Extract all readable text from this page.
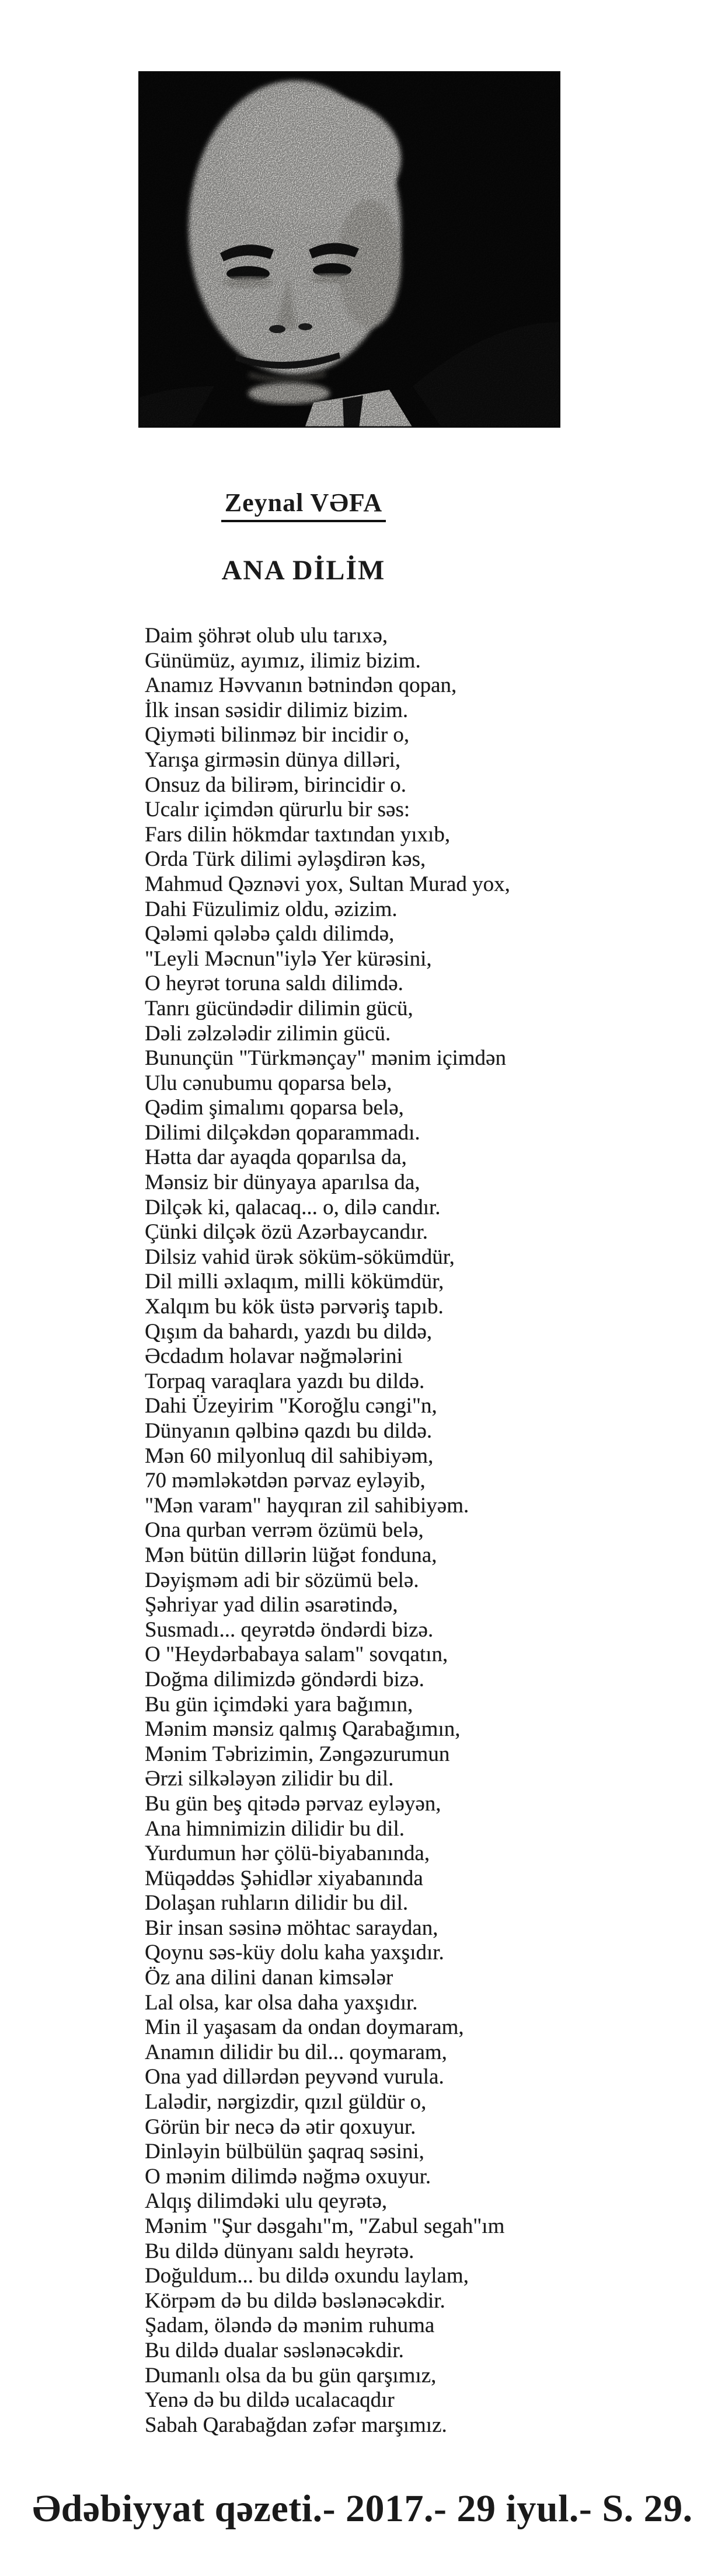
Zeynal VƏFA
ANA DİLİM
Daim şöhrət olub ulu tarıxə,
Günümüz, ayımız, ilimiz bizim.
Anamız Həvvanın bətnindən qopan,
İlk insan səsidir dilimiz bizim.
Qiyməti bilinməz bir incidir o,
Yarışa girməsin dünya dilləri,
Onsuz da bilirəm, birincidir o.
Ucalır içimdən qürurlu bir səs:
Fars dilin hökmdar taxtından yıxıb,
Orda Türk dilimi əyləşdirən kəs,
Mahmud Qəznəvi yox, Sultan Murad yox,
Dahi Füzulimiz oldu, əzizim.
Qələmi qələbə çaldı dilimdə,
"Leyli Məcnun"iylə Yer kürəsini,
O heyrət toruna saldı dilimdə.
Tanrı gücündədir dilimin gücü,
Dəli zəlzələdir zilimin gücü.
Bununçün "Türkmənçay" mənim içimdən
Ulu cənubumu qoparsa belə,
Qədim şimalımı qoparsa belə,
Dilimi dilçəkdən qoparammadı.
Hətta dar ayaqda qoparılsa da,
Mənsiz bir dünyaya aparılsa da,
Dilçək ki, qalacaq... o, dilə candır.
Çünki dilçək özü Azərbaycandır.
Dilsiz vahid ürək söküm-sökümdür,
Dil milli əxlaqım, milli kökümdür,
Xalqım bu kök üstə pərvəriş tapıb.
Qışım da bahardı, yazdı bu dildə,
Əcdadım holavar nəğmələrini
Torpaq varaqlara yazdı bu dildə.
Dahi Üzeyirim "Koroğlu cəngi"n,
Dünyanın qəlbinə qazdı bu dildə.
Mən 60 milyonluq dil sahibiyəm,
70 məmləkətdən pərvaz eyləyib,
"Mən varam" hayqıran zil sahibiyəm.
Ona qurban verrəm özümü belə,
Mən bütün dillərin lüğət fonduna,
Dəyişməm adi bir sözümü belə.
Şəhriyar yad dilin əsarətində,
Susmadı... qeyrətdə öndərdi bizə.
O "Heydərbabaya salam" sovqatın,
Doğma dilimizdə göndərdi bizə.
Bu gün içimdəki yara bağımın,
Mənim mənsiz qalmış Qarabağımın,
Mənim Təbrizimin, Zəngəzurumun
Ərzi silkələyən zilidir bu dil.
Bu gün beş qitədə pərvaz eyləyən,
Ana himnimizin dilidir bu dil.
Yurdumun hər çölü-biyabanında,
Müqəddəs Şəhidlər xiyabanında
Dolaşan ruhların dilidir bu dil.
Bir insan səsinə möhtac saraydan,
Qoynu səs-küy dolu kaha yaxşıdır.
Öz ana dilini danan kimsələr
Lal olsa, kar olsa daha yaxşıdır.
Min il yaşasam da ondan doymaram,
Anamın dilidir bu dil... qoymaram,
Ona yad dillərdən peyvənd vurula.
Lalədir, nərgizdir, qızıl güldür o,
Görün bir necə də ətir qoxuyur.
Dinləyin bülbülün şaqraq səsini,
O mənim dilimdə nəğmə oxuyur.
Alqış dilimdəki ulu qeyrətə,
Mənim "Şur dəsgahı"m, "Zabul segah"ım
Bu dildə dünyanı saldı heyrətə.
Doğuldum... bu dildə oxundu laylam,
Körpəm də bu dildə bəslənəcəkdir.
Şadam, öləndə də mənim ruhuma
Bu dildə dualar səslənəcəkdir.
Dumanlı olsa da bu gün qarşımız,
Yenə də bu dildə ucalacaqdır
Sabah Qarabağdan zəfər marşımız.
Ədəbiyyat qəzeti.- 2017.- 29 iyul.- S. 29.
